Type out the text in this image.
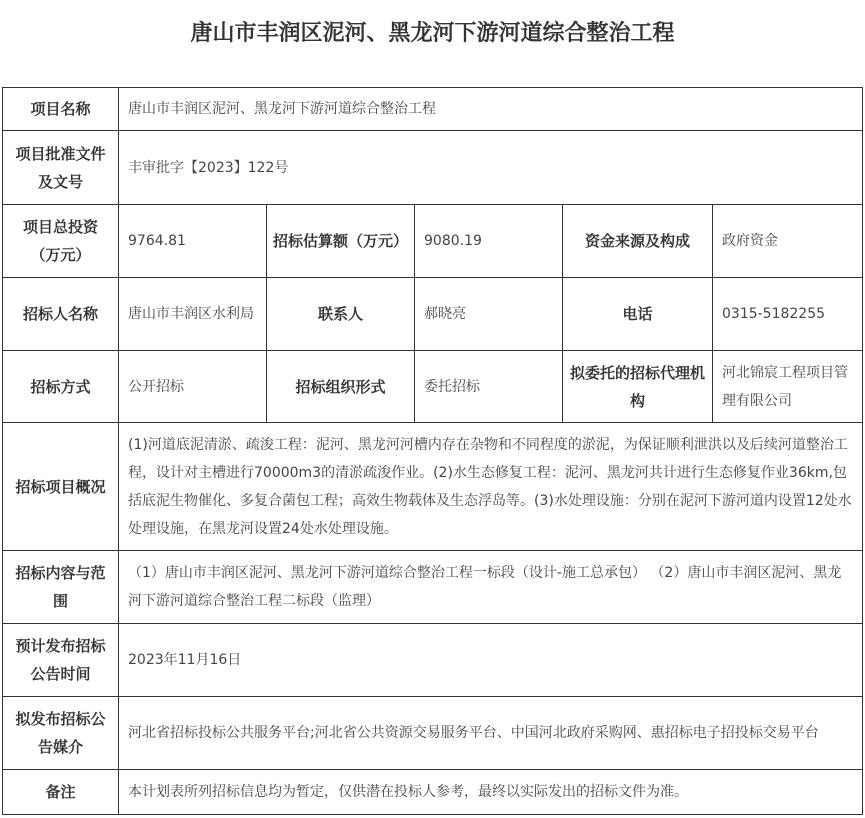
唐山市丰润区泥河、黑龙河下游河道综合整治工程
项目名称	唐山市丰润区泥河、黑龙河下游河道综合整治工程				
项目批准文件及文号	丰审批字【2023】122号				
项目总投资（万元）	9764.81	招标估算额（万元）	9080.19	资金来源及构成	政府资金
招标人名称	唐山市丰润区水利局	联系人	郝晓亮	电话	0315-5182255
招标方式	公开招标	招标组织形式	委托招标	拟委托的招标代理机构	河北锦宸工程项目管理有限公司
招标项目概况	(1)河道底泥清淤、疏浚工程：泥河、黑龙河河槽内存在杂物和不同程度的淤泥，为保证顺利泄洪以及后续河道整治工程，设计对主槽进行70000m3的清淤疏浚作业。(2)水生态修复工程：泥河、黑龙河共计进行生态修复作业36km,包括底泥生物催化、多复合菌包工程；高效生物载体及生态浮岛等。(3)水处理设施：分别在泥河下游河道内设置12处水处理设施，在黑龙河设置24处水处理设施。				
招标内容与范围	（1）唐山市丰润区泥河、黑龙河下游河道综合整治工程一标段（设计-施工总承包） （2）唐山市丰润区泥河、黑龙河下游河道综合整治工程二标段（监理）				
预计发布招标公告时间	2023年11月16日				
拟发布招标公告媒介	河北省招标投标公共服务平台;河北省公共资源交易服务平台、中国河北政府采购网、惠招标电子招投标交易平台				
备注	本计划表所列招标信息均为暂定，仅供潜在投标人参考，最终以实际发出的招标文件为准。				
